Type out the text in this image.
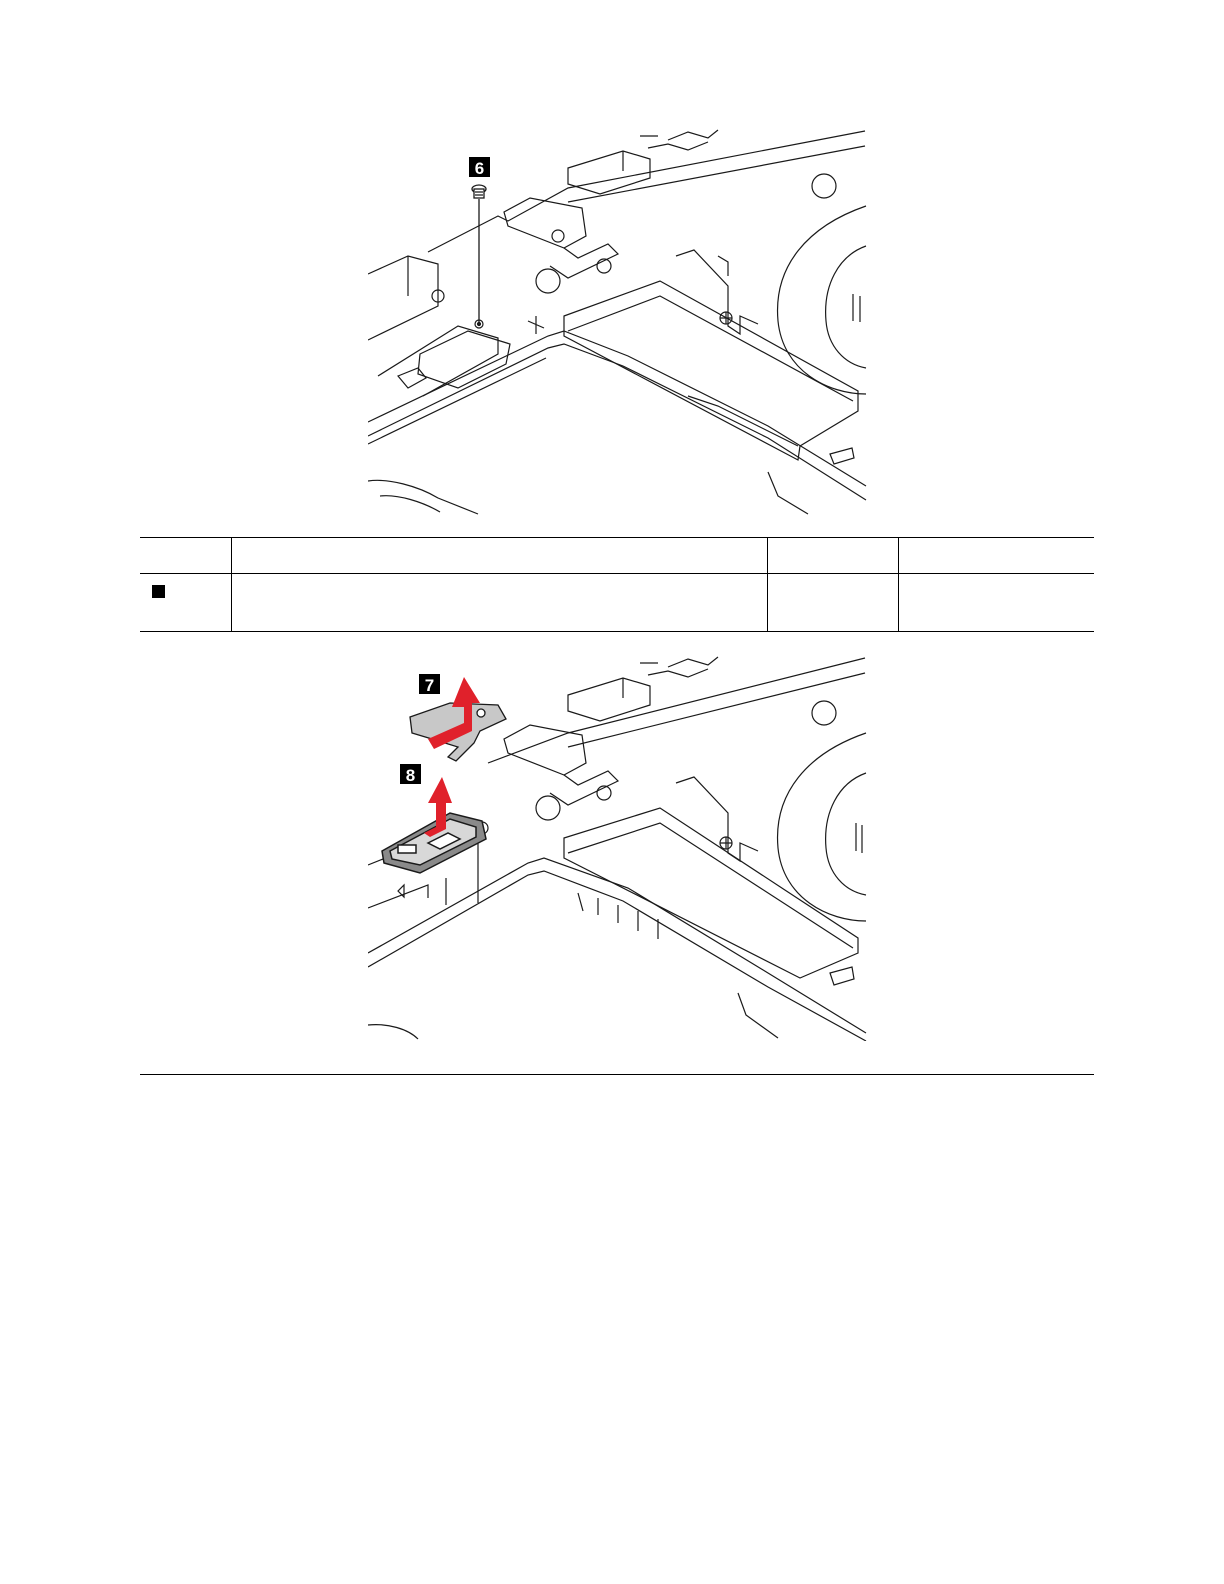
6

7
8
